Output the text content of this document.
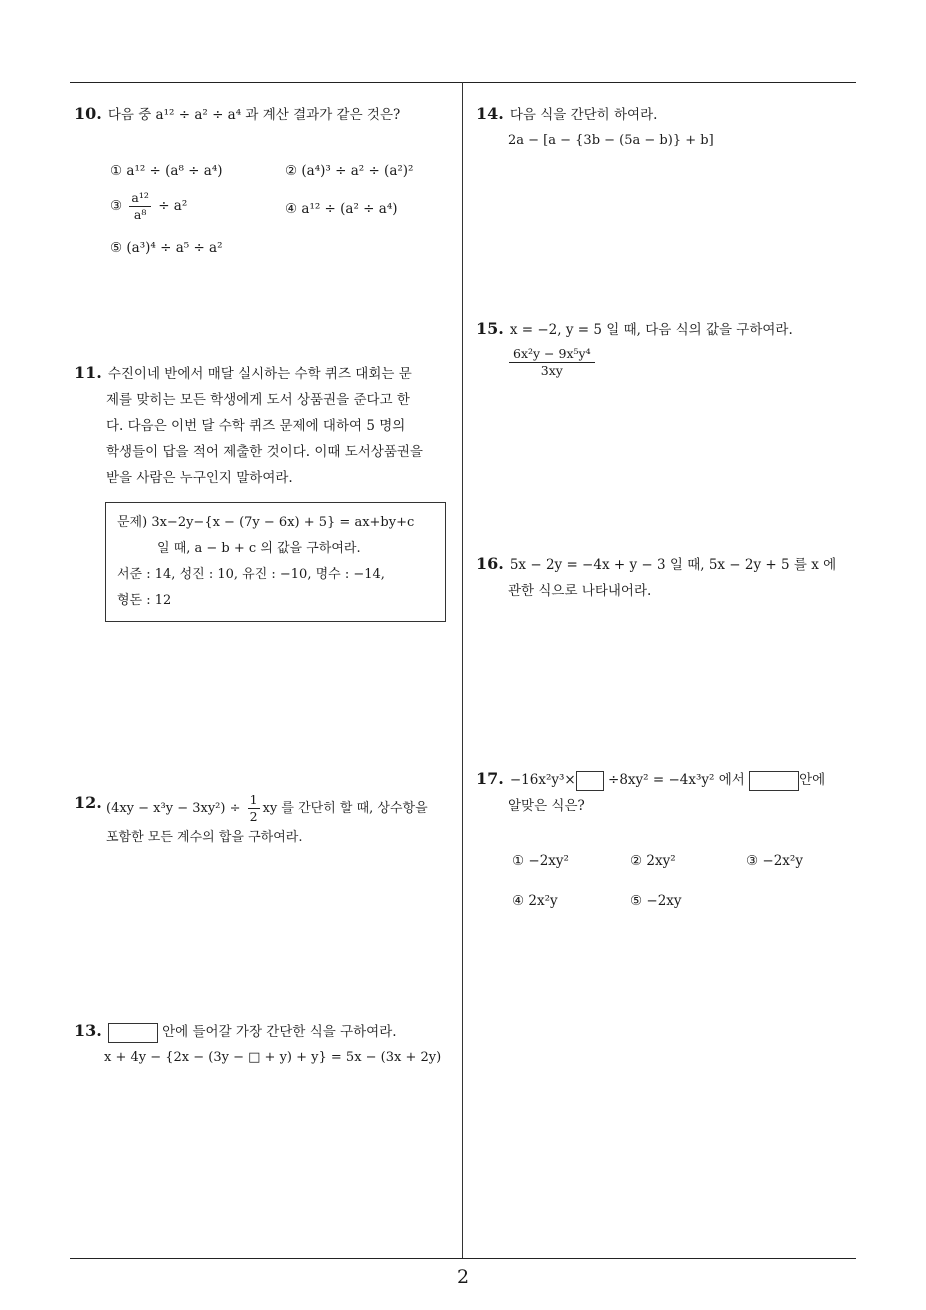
10. 다음 중 a¹² ÷ a² ÷ a⁴ 과 계산 결과가 같은 것은?
① a¹² ÷ (a⁸ ÷ a⁴)	② (a⁴)³ ÷ a² ÷ (a²)²
③ $\frac{\text{a¹²}}{\text{a⁸}} \div a^2$	④ a¹² ÷ (a² ÷ a⁴)
⑤ (a³)⁴ ÷ a⁵ ÷ a²
11. 수진이네 반에서 매달 실시하는 수학 퀴즈 대회는 문
제를 맞히는 모든 학생에게 도서 상품권을 준다고 한
다. 다음은 이번 달 수학 퀴즈 문제에 대하여 5 명의
학생들이 답을 적어 제출한 것이다. 이때 도서상품권을
받을 사람은 누구인지 말하여라.
문제) 3x−2y−{x − (7y − 6x) + 5} = ax+by+c
일 때, a − b + c 의 값을 구하여라.
서준 : 14, 성진 : 10, 유진 : −10, 명수 : −14,
형돈 : 12
12. $(4xy - x^3y - 3xy^2) \div \frac{1}{2}$ xy 를 간단히 할 때, 상수항을
포함한 모든 계수의 합을 구하여라.
13.	안에 들어갈 가장 간단한 식을 구하여라.
x + 4y − {2x − (3y − □ + y) + y} = 5x − (3x + 2y)
14. 다음 식을 간단히 하여라.
2a − [a − {3b − (5a − b)} + b]
15. x = −2, y = 5 일 때, 다음 식의 값을 구하여라.
$\frac{\text{6x²y − 9x⁵y⁴}}{3xy}$
16. 5x − 2y = −4x + y − 3 일 때, 5x − 2y + 5 를 x 에
관한 식으로 나타내어라.
17. −16x²y³× ÷8xy² = −4x³y² 에서	안에
알맞은 식은?
① −2xy²	② 2xy²	③ −2x²y
④ 2x²y	⑤ −2xy
2
